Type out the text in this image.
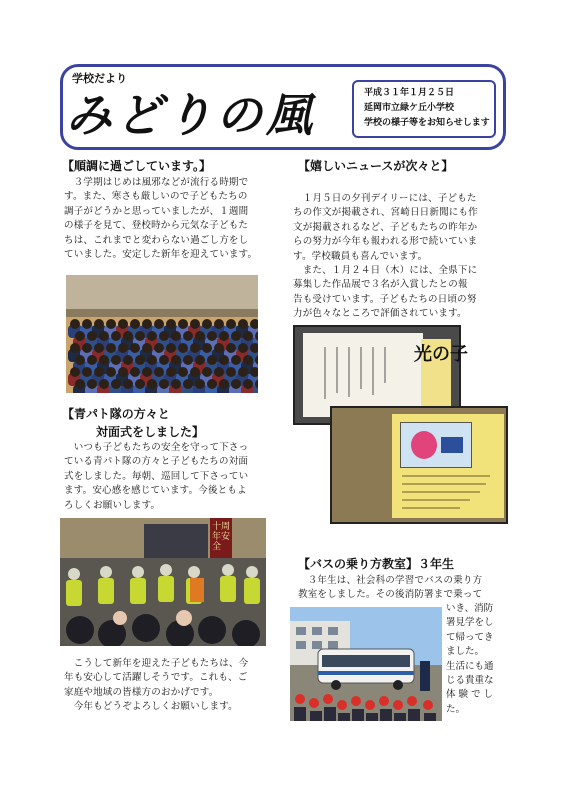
学校だより
みどりの風	平成３１年１月２５日
延岡市立緑ケ丘小学校
学校の様子等をお知らせします
【順調に過ごしています。】

　３学期はじめは風邪などが流行る時期で

す。また、寒さも厳しいので子どもたちの

調子がどうかと思っていましたが、１週間

の様子を見て、登校時から元気な子どもた

ちは、これまでと変わらない過ごし方をし

ていました。安定した新年を迎えています。

【青パト隊の方々と
対面式をしました】

　いつも子どもたちの安全を守って下さっ

ている青パト隊の方々と子どもたちの対面

式をしました。毎朝、巡回して下さってい

ます。安心感を感じています。今後ともよ

ろしくお願いします。

十周年安全

　こうして新年を迎えた子どもたちは、今

年も安心して活躍しそうです。これも、ご

家庭や地域の皆様方のおかげです。

　今年もどうぞよろしくお願いします。

【嬉しいニュースが次々と】

　１月５日の夕刊デイリーには、子どもた

ちの作文が掲載され、宮崎日日新聞にも作

文が掲載されるなど、子どもたちの昨年か

らの努力が今年も報われる形で続いていま

す。学校職員も喜んでいます。

　また、１月２４日（木）には、全県下に

募集した作品展で３名が入賞したとの報

告も受けています。子どもたちの日頃の努

力が色々なところで評価されています。

光の子
【バスの乗り方教室】３年生

　３年生は、社会科の学習でバスの乗り方

教室をしました。その後消防署まで乗って

いき、消防

署見学をし

て帰ってき

ました。

生活にも通

じる貴重な

体 験 で し

た。
